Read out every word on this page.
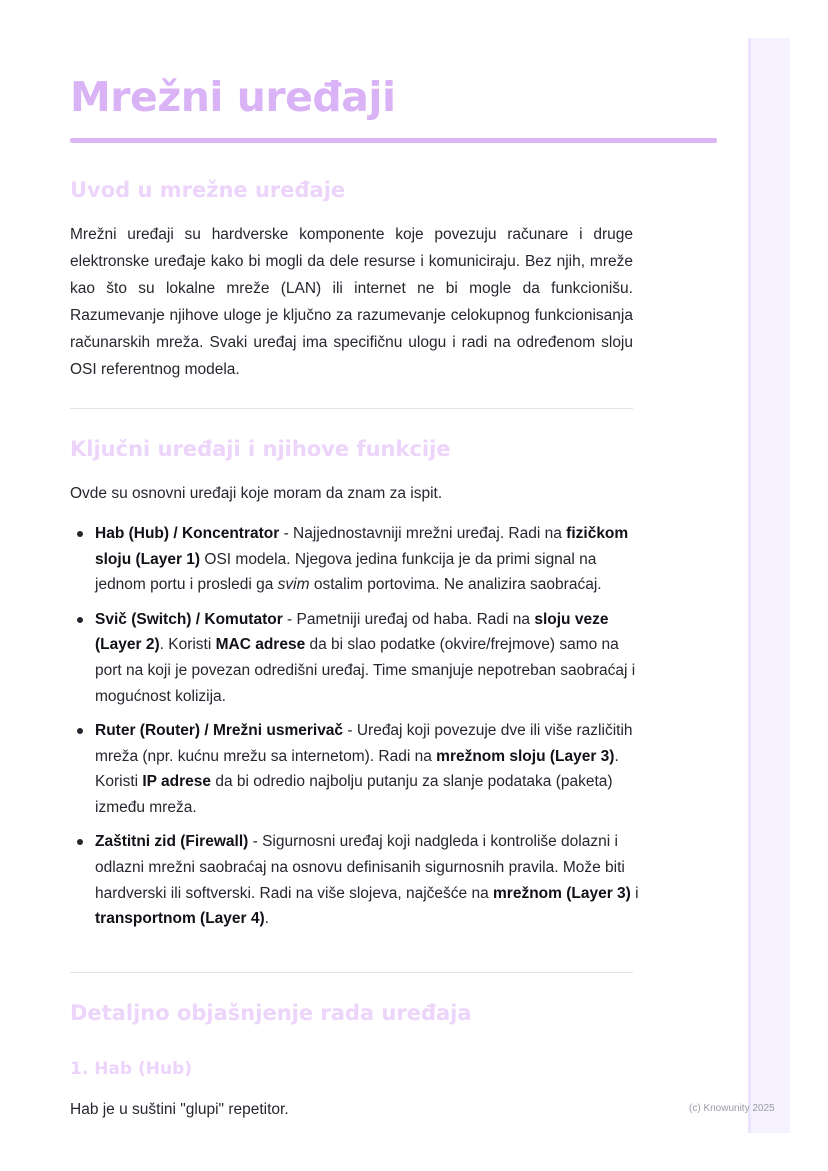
Mrežni uređaji
Uvod u mrežne uređaje

Mrežni uređaji su hardverske komponente koje povezuju računare i druge elektronske uređaje kako bi mogli da dele resurse i komuniciraju. Bez njih, mreže kao što su lokalne mreže (LAN) ili internet ne bi mogle da funkcionišu. Razumevanje njihove uloge je ključno za razumevanje celokupnog funkcionisanja računarskih mreža. Svaki uređaj ima specifičnu ulogu i radi na određenom sloju OSI referentnog modela.

Ključni uređaji i njihove funkcije

Ovde su osnovni uređaji koje moram da znam za ispit.

Hab (Hub) / Koncentrator - Najjednostavniji mrežni uređaj. Radi na fizičkom sloju (Layer 1) OSI modela. Njegova jedina funkcija je da primi signal na jednom portu i prosledi ga svim ostalim portovima. Ne analizira saobraćaj.
Svič (Switch) / Komutator - Pametniji uređaj od haba. Radi na sloju veze (Layer 2). Koristi MAC adrese da bi slao podatke (okvire/frejmove) samo na port na koji je povezan odredišni uređaj. Time smanjuje nepotreban saobraćaj i mogućnost kolizija.
Ruter (Router) / Mrežni usmerivač - Uređaj koji povezuje dve ili više različitih mreža (npr. kućnu mrežu sa internetom). Radi na mrežnom sloju (Layer 3). Koristi IP adrese da bi odredio najbolju putanju za slanje podataka (paketa) između mreža.
Zaštitni zid (Firewall) - Sigurnosni uređaj koji nadgleda i kontroliše dolazni i odlazni mrežni saobraćaj na osnovu definisanih sigurnosnih pravila. Može biti hardverski ili softverski. Radi na više slojeva, najčešće na mrežnom (Layer 3) i transportnom (Layer 4).
Detaljno objašnjenje rada uređaja
1. Hab (Hub)

Hab je u suštini "glupi" repetitor.	(c) Knowunity 2025
